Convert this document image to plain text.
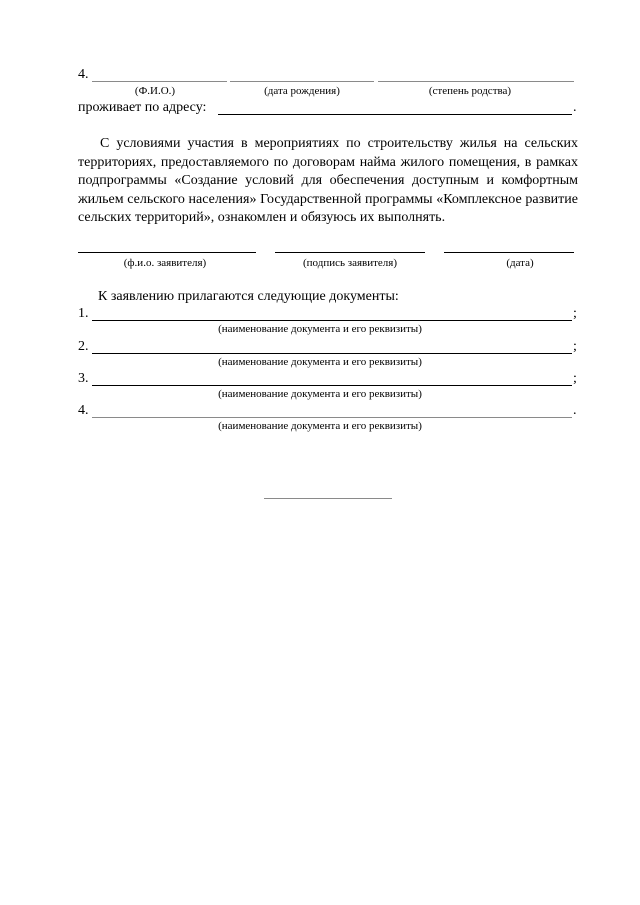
4.
(Ф.И.О.)	(дата рождения)	(степень родства)
проживает по адресу:	.

С условиями участия в мероприятиях по строительству жилья на сельских территориях, предоставляемого по договорам найма жилого помещения, в рамках подпрограммы «Создание условий для обеспечения доступным и комфортным жильем сельского населения» Государственной программы «Комплексное развитие сельских территорий», ознакомлен и обязуюсь их выполнять.

(ф.и.о. заявителя)	(подпись заявителя)	(дата)
К заявлению прилагаются следующие документы:
1.	;
(наименование документа и его реквизиты)
2.	;
(наименование документа и его реквизиты)
3.	;
(наименование документа и его реквизиты)
4.	.
(наименование документа и его реквизиты)
